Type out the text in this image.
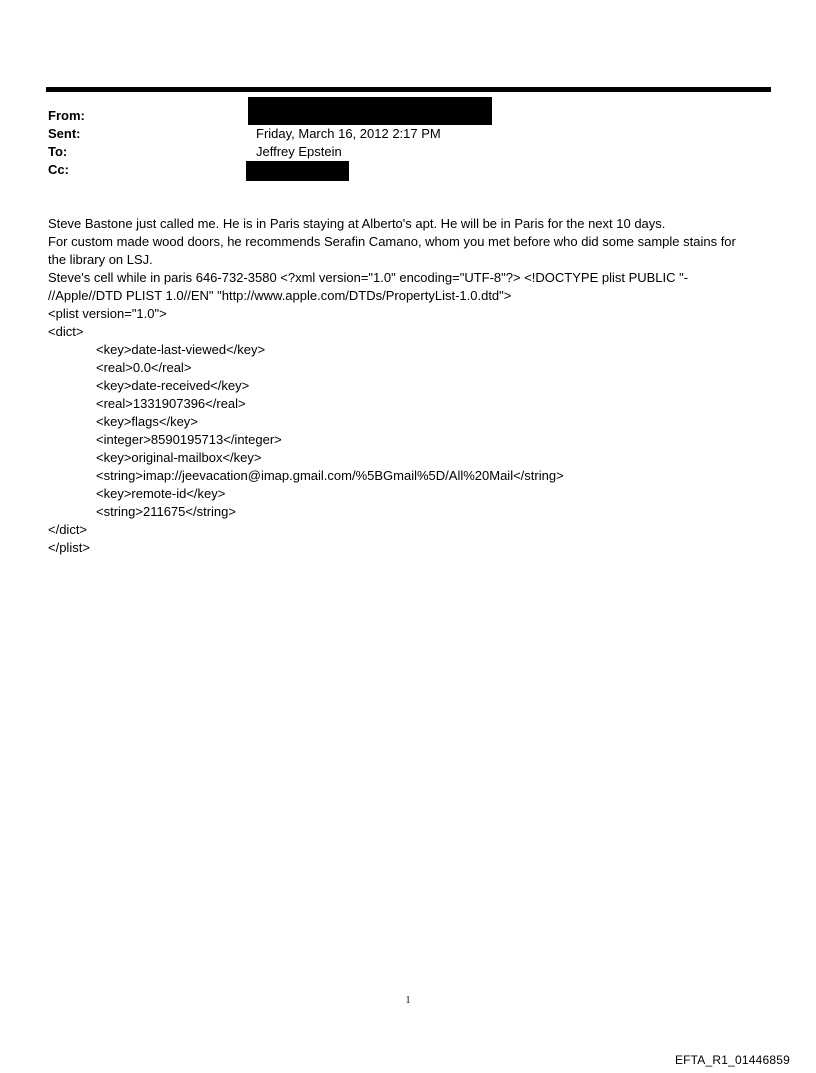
From:
Sent:	Friday, March 16, 2012 2:17 PM
To:	Jeffrey Epstein
Cc:
Steve Bastone just called me. He is in Paris staying at Alberto's apt. He will be in Paris for the next 10 days.
For custom made wood doors, he recommends Serafin Camano, whom you met before who did some sample stains for
the library on LSJ.
Steve's cell while in paris 646-732-3580 <?xml version="1.0" encoding="UTF-8"?> <!DOCTYPE plist PUBLIC "-
//Apple//DTD PLIST 1.0//EN" "http://www.apple.com/DTDs/PropertyList-1.0.dtd">
<plist version="1.0">
<dict>
<key>date-last-viewed</key>
<real>0.0</real>
<key>date-received</key>
<real>1331907396</real>
<key>flags</key>
<integer>8590195713</integer>
<key>original-mailbox</key>
<string>imap://jeevacation@imap.gmail.com/%5BGmail%5D/All%20Mail</string>
<key>remote-id</key>
<string>211675</string>
</dict>
</plist>
1
EFTA_R1_01446859
